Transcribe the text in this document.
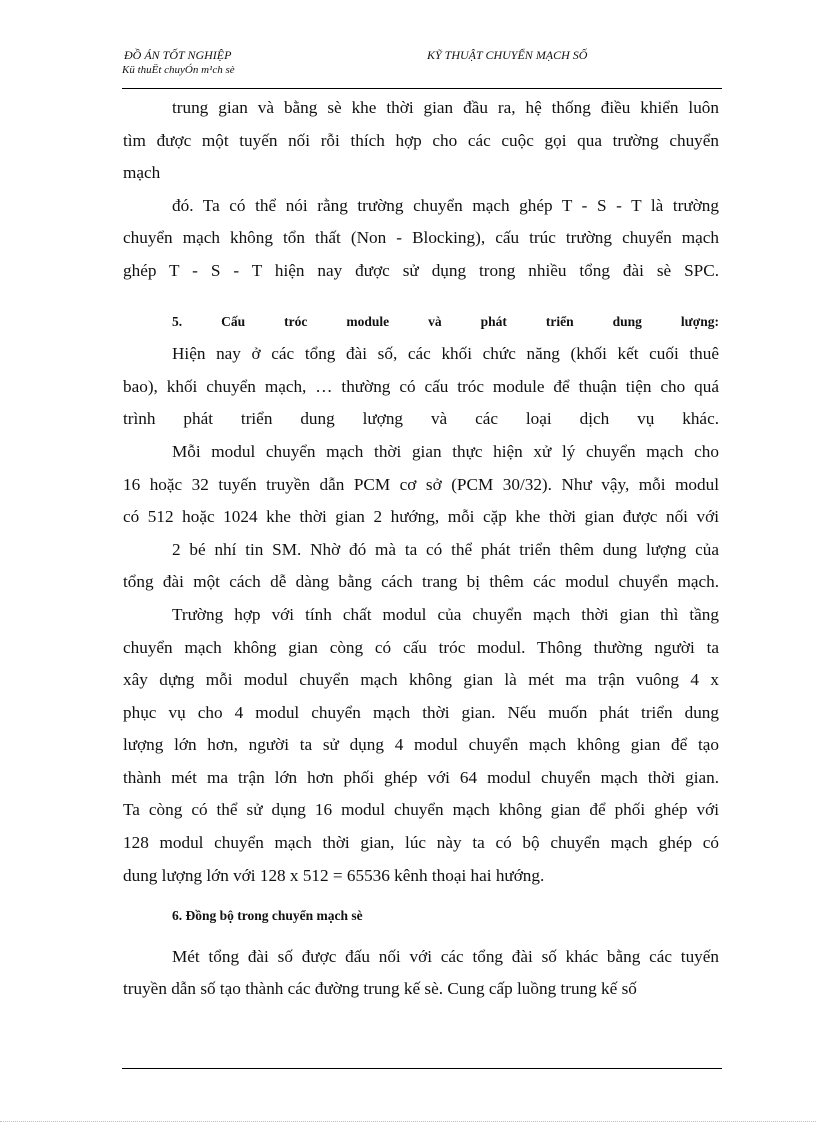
ĐỒ ÁN TỐT NGHIỆP
Kü thuËt chuyÓn m¹ch sè
KỸ THUẬT CHUYỂN MẠCH SỐ
trung gian và bằng sè khe thời gian đầu ra, hệ thống điều khiển luôn
tìm được một tuyến nối rỗi thích hợp cho các cuộc gọi qua trường chuyển
mạch
đó. Ta có thể nói rằng trường chuyển mạch ghép T - S - T là trường
chuyển mạch không tổn thất (Non - Blocking), cấu trúc trường chuyển mạch
ghép T - S - T hiện nay được sử dụng trong nhiều tổng đài sè SPC.
5. Cấu tróc module và phát triển dung lượng:
Hiện nay ở các tổng đài số, các khối chức năng (khối kết cuối thuê
bao), khối chuyển mạch, … thường có cấu tróc module để thuận tiện cho quá
trình phát triển dung lượng và các loại dịch vụ khác.
Mỗi modul chuyển mạch thời gian thực hiện xử lý chuyển mạch cho
16 hoặc 32 tuyến truyền dẫn PCM cơ sở (PCM 30/32). Như vậy, mỗi modul
có 512 hoặc 1024 khe thời gian 2 hướng, mỗi cặp khe thời gian được nối với
2 bé nhí tin SM. Nhờ đó mà ta có thể phát triển thêm dung lượng của
tổng đài một cách dễ dàng bằng cách trang bị thêm các modul chuyển mạch.
Trường hợp với tính chất modul của chuyển mạch thời gian thì tầng
chuyển mạch không gian còng có cấu tróc modul. Thông thường người ta
xây dựng mỗi modul chuyển mạch không gian là mét ma trận vuông 4 x
phục vụ cho 4 modul chuyển mạch thời gian. Nếu muốn phát triển dung
lượng lớn hơn, người ta sử dụng 4 modul chuyển mạch không gian để tạo
thành mét ma trận lớn hơn phối ghép với 64 modul chuyển mạch thời gian.
Ta còng có thể sử dụng 16 modul chuyển mạch không gian để phối ghép với
128 modul chuyển mạch thời gian, lúc này ta có bộ chuyển mạch ghép có
dung lượng lớn với 128 x 512 = 65536 kênh thoại hai hướng.
6. Đồng bộ trong chuyển mạch sè
Mét tổng đài số được đấu nối với các tổng đài số khác bằng các tuyến
truyền dẫn số tạo thành các đường trung kế sè. Cung cấp luồng trung kế số
